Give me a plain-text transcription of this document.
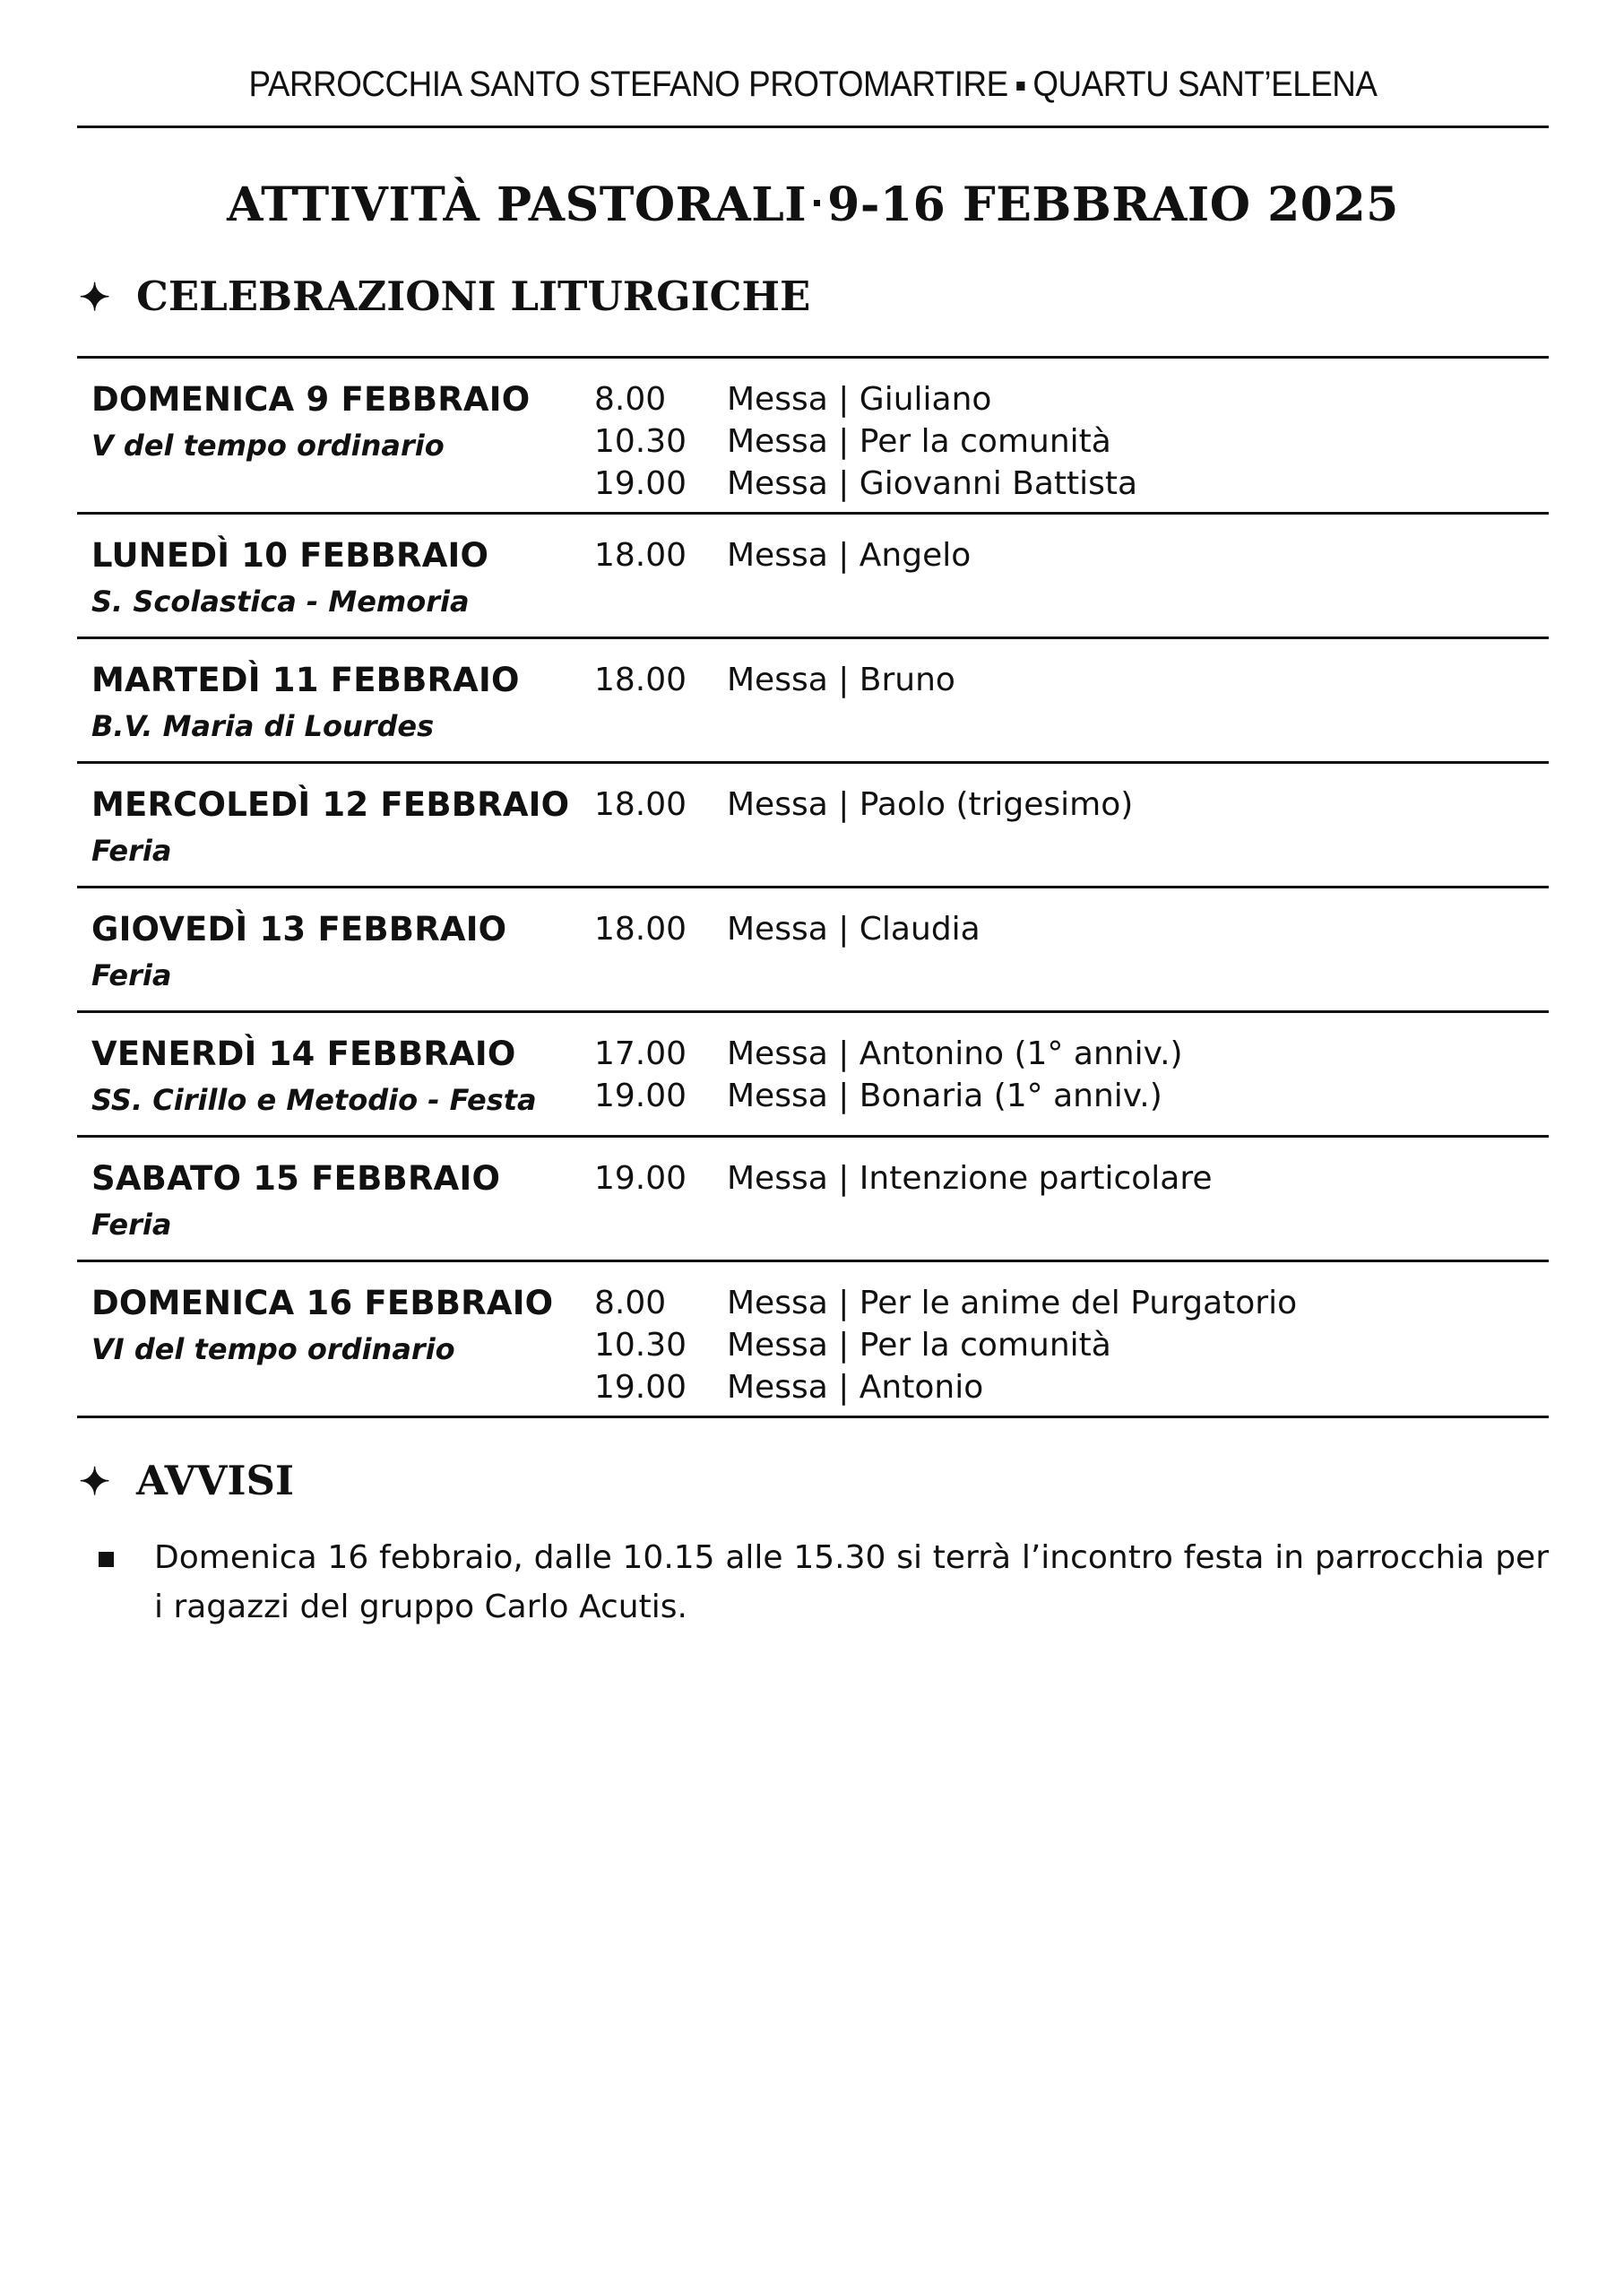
PARROCCHIA SANTO STEFANO PROTOMARTIRE QUARTU SANT’ELENA
ATTIVITÀ PASTORALI 9-16 FEBBRAIO 2025
✦ CELEBRAZIONI LITURGICHE
DOMENICA 9 FEBBRAIO
V del tempo ordinario
8.00 Messa | Giuliano
10.30 Messa | Per la comunità
19.00 Messa | Giovanni Battista
LUNEDÌ 10 FEBBRAIO
S. Scolastica - Memoria
18.00 Messa | Angelo
MARTEDÌ 11 FEBBRAIO
B.V. Maria di Lourdes
18.00 Messa | Bruno
MERCOLEDÌ 12 FEBBRAIO
Feria
18.00 Messa | Paolo (trigesimo)
GIOVEDÌ 13 FEBBRAIO
Feria
18.00 Messa | Claudia
VENERDÌ 14 FEBBRAIO
SS. Cirillo e Metodio - Festa
17.00 Messa | Antonino (1° anniv.)
19.00 Messa | Bonaria (1° anniv.)
SABATO 15 FEBBRAIO
Feria
19.00 Messa | Intenzione particolare
DOMENICA 16 FEBBRAIO
VI del tempo ordinario
8.00 Messa | Per le anime del Purgatorio
10.30 Messa | Per la comunità
19.00 Messa | Antonio
✦ AVVISI
Domenica 16 febbraio, dalle 10.15 alle 15.30 si terrà l’incontro festa in parrocchia per i ragazzi del gruppo Carlo Acutis.
